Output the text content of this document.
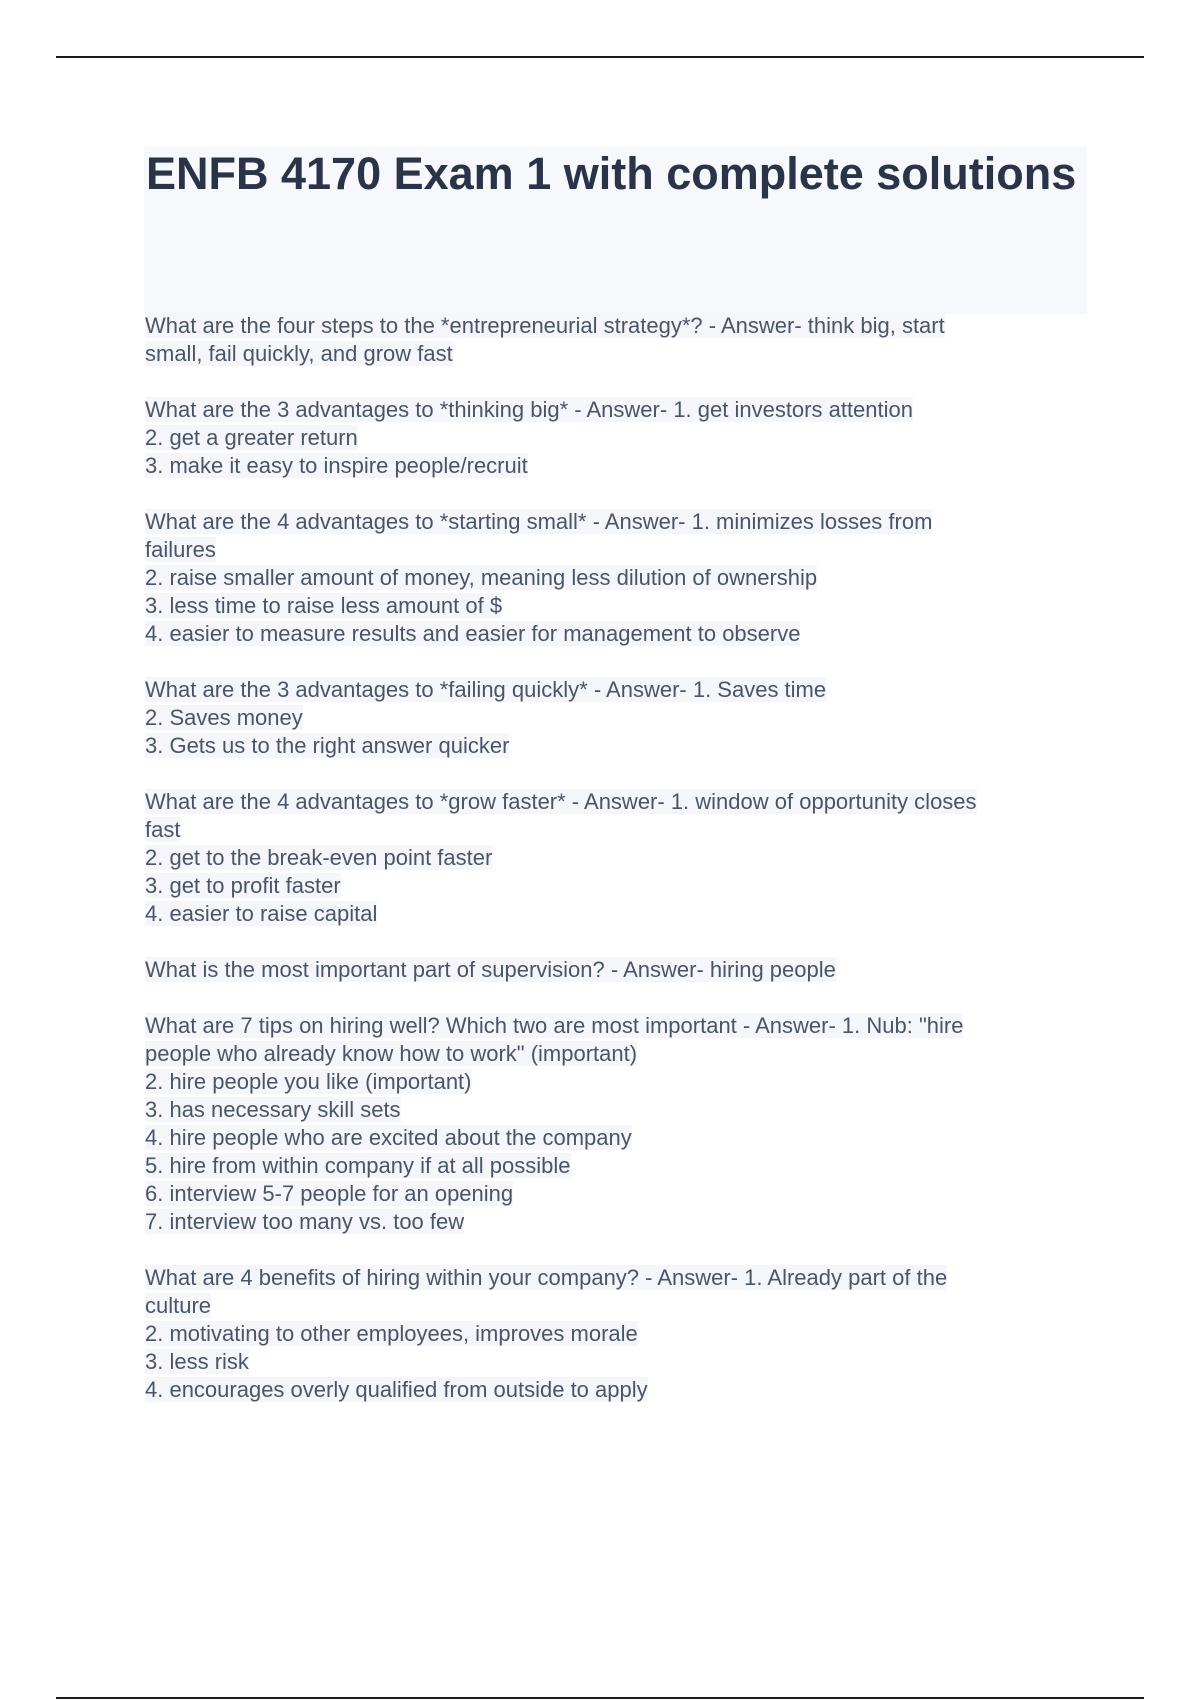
ENFB 4170 Exam 1 with complete solutions
What are the four steps to the *entrepreneurial strategy*? - Answer- think big, start
small, fail quickly, and grow fast
What are the 3 advantages to *thinking big* - Answer- 1. get investors attention
2. get a greater return
3. make it easy to inspire people/recruit
What are the 4 advantages to *starting small* - Answer- 1. minimizes losses from
failures
2. raise smaller amount of money, meaning less dilution of ownership
3. less time to raise less amount of $
4. easier to measure results and easier for management to observe
What are the 3 advantages to *failing quickly* - Answer- 1. Saves time
2. Saves money
3. Gets us to the right answer quicker
What are the 4 advantages to *grow faster* - Answer- 1. window of opportunity closes
fast
2. get to the break-even point faster
3. get to profit faster
4. easier to raise capital
What is the most important part of supervision? - Answer- hiring people
What are 7 tips on hiring well? Which two are most important - Answer- 1. Nub: "hire
people who already know how to work" (important)
2. hire people you like (important)
3. has necessary skill sets
4. hire people who are excited about the company
5. hire from within company if at all possible
6. interview 5-7 people for an opening
7. interview too many vs. too few
What are 4 benefits of hiring within your company? - Answer- 1. Already part of the
culture
2. motivating to other employees, improves morale
3. less risk
4. encourages overly qualified from outside to apply
